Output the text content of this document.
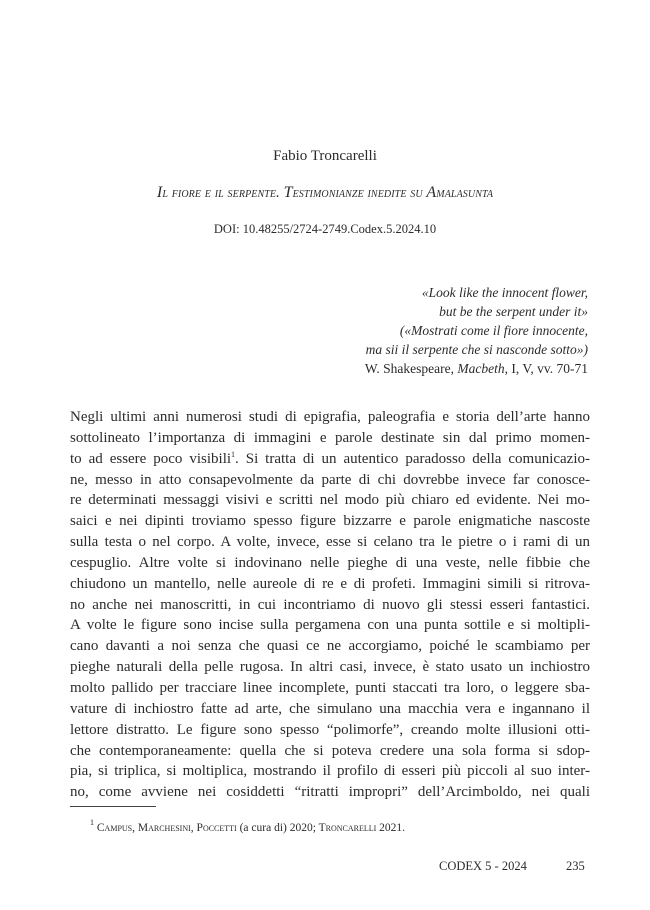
Fabio Troncarelli
Il fiore e il serpente. Testimonianze inedite su Amalasunta
DOI: 10.48255/2724-2749.Codex.5.2024.10
«Look like the innocent flower,
but be the serpent under it»
(«Mostrati come il fiore innocente,
ma sii il serpente che si nasconde sotto»)
W. Shakespeare, Macbeth, I, V, vv. 70-71
Negli ultimi anni numerosi studi di epigrafia, paleografia e storia dell’arte hanno
sottolineato l’importanza di immagini e parole destinate sin dal primo momen-
to ad essere poco visibili$^1$. Si tratta di un autentico paradosso della comunicazio-
ne, messo in atto consapevolmente da parte di chi dovrebbe invece far conosce-
re determinati messaggi visivi e scritti nel modo più chiaro ed evidente. Nei mo-
saici e nei dipinti troviamo spesso figure bizzarre e parole enigmatiche nascoste
sulla testa o nel corpo. A volte, invece, esse si celano tra le pietre o i rami di un
cespuglio. Altre volte si indovinano nelle pieghe di una veste, nelle fibbie che
chiudono un mantello, nelle aureole di re e di profeti. Immagini simili si ritrova-
no anche nei manoscritti, in cui incontriamo di nuovo gli stessi esseri fantastici.
A volte le figure sono incise sulla pergamena con una punta sottile e si moltipli-
cano davanti a noi senza che quasi ce ne accorgiamo, poiché le scambiamo per
pieghe naturali della pelle rugosa. In altri casi, invece, è stato usato un inchiostro
molto pallido per tracciare linee incomplete, punti staccati tra loro, o leggere sba-
vature di inchiostro fatte ad arte, che simulano una macchia vera e ingannano il
lettore distratto. Le figure sono spesso “polimorfe”, creando molte illusioni otti-
che contemporaneamente: quella che si poteva credere una sola forma si sdop-
pia, si triplica, si moltiplica, mostrando il profilo di esseri più piccoli al suo inter-
no, come avviene nei cosiddetti “ritratti impropri” dell’Arcimboldo, nei quali
$^1$ Campus, Marchesini, Poccetti (a cura di) 2020; Troncarelli 2021.
CODEX 5 - 2024	235
